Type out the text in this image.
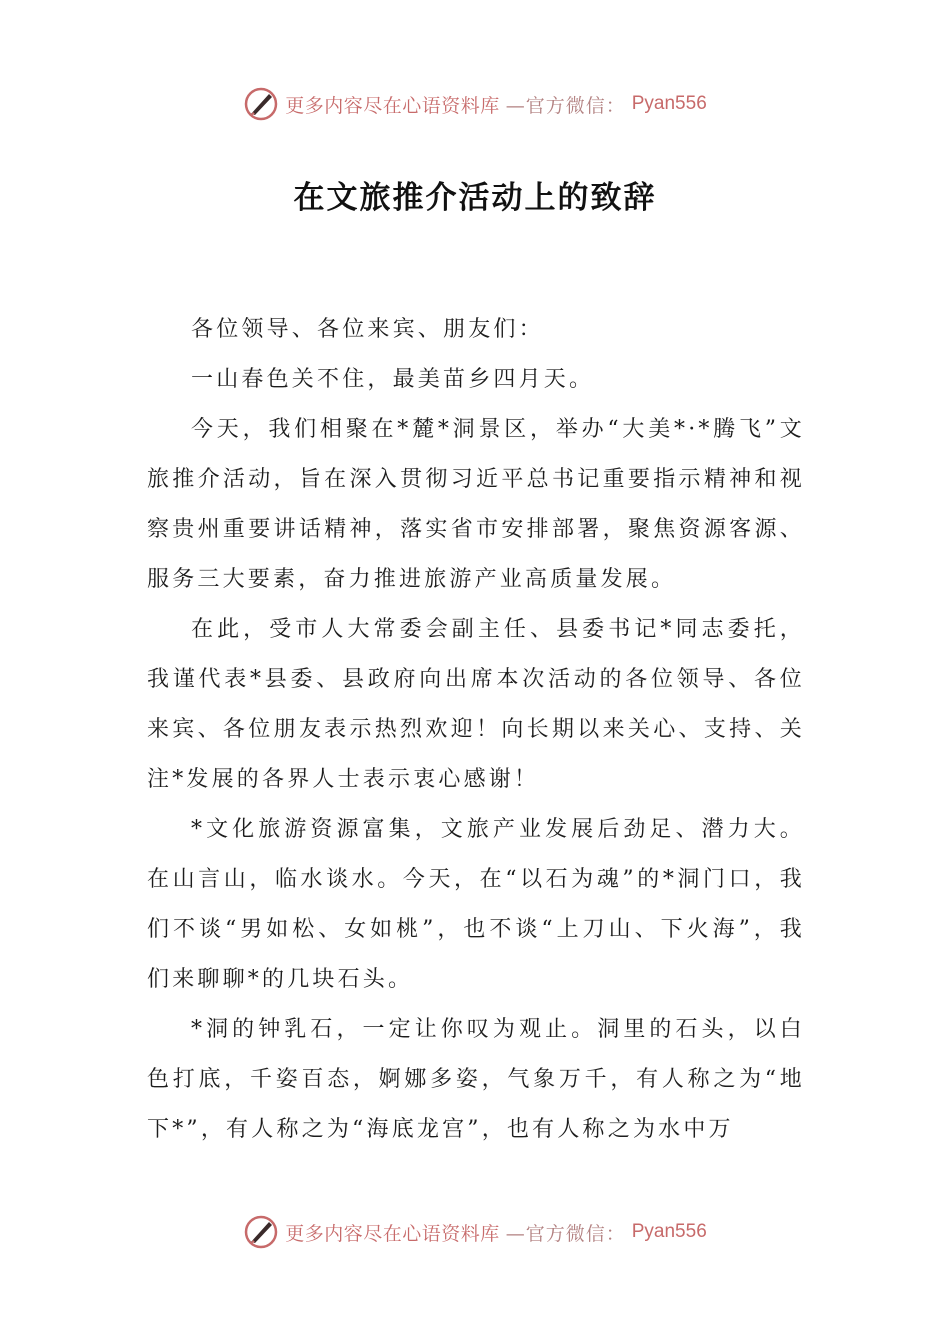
更多内容尽在心语资料库 —官方微信： Pyan556
在文旅推介活动上的致辞

各位领导、各位来宾、朋友们：

一山春色关不住，最美苗乡四月天。

今天，我们相聚在*麓*洞景区，举办“大美*·*腾飞”文旅推介活动，旨在深入贯彻习近平总书记重要指示精神和视察贵州重要讲话精神，落实省市安排部署，聚焦资源客源、服务三大要素，奋力推进旅游产业高质量发展。

在此，受市人大常委会副主任、县委书记*同志委托，我谨代表*县委、县政府向出席本次活动的各位领导、各位来宾、各位朋友表示热烈欢迎！向长期以来关心、支持、关注*发展的各界人士表示衷心感谢！

*文化旅游资源富集，文旅产业发展后劲足、潜力大。在山言山，临水谈水。今天，在“以石为魂”的*洞门口，我们不谈“男如松、女如桃”，也不谈“上刀山、下火海”，我们来聊聊*的几块石头。

*洞的钟乳石，一定让你叹为观止。洞里的石头，以白色打底，千姿百态，婀娜多姿，气象万千，有人称之为“地下*”，有人称之为“海底龙宫”，也有人称之为水中万

更多内容尽在心语资料库 —官方微信： Pyan556
